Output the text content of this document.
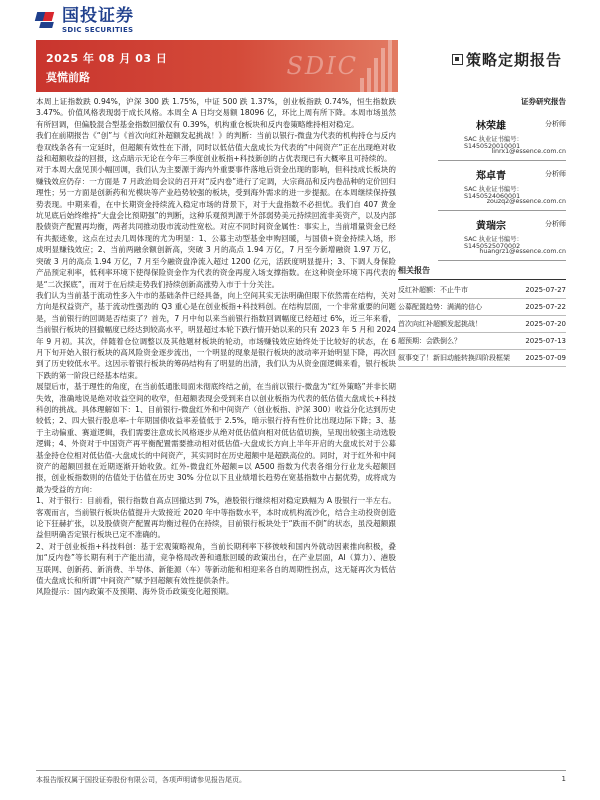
国投证券
SDIC SECURITIES
2025 年 08 月 03 日
莫慌前路	SDIC	策略定期报告

本周上证指数跌 0.94%，沪深 300 跌 1.75%，中证 500 跌 1.37%，创业板指跌 0.74%，恒生指数跌 3.47%。价值风格表现弱于成长风格。本周全 A 日均交易额 18096 亿，环比上周有所下降。本周市场虽然有所回调，但偏股混合型基金指数回撤仅有 0.39%，机构重仓板块和反内卷策略维持相对稳定。

我们在前期报告《“创”与《首次向红补超额发起挑战！》的判断：当前以银行-微盘为代表的机构持仓与反内卷双线条各有一定延时，但超额有效性在下滑，同时以低估值大盘成长为代表的“中间资产”正在出现绝对收益和超额收益的回报，这点暗示无论在今年三季度创业板指+科技新创的占优表现已有大概率且可持续的。

对于本周大盘见顶小幅回调，我们认为主要源于海内外重要事件落地后资金出现的影响，但科技成长板块的赚钱效应仍存：一方面是 7 月政治局会议的召开对“反内卷”进行了定调，大宗商品和反内卷品种的定价回归理性；另一方面是创新药和光模块等产业趋势较强的板块，受到海外需求的进一步提振。在本周继续保持强势表现。中期来看，在中长期资金持续流入稳定市场的背景下，对于大盘指数不必担忧。我们自 407 黄金坑见底后始终维持“大盘会比预期强”的判断，这种乐观预判源于外部弱势美元持续回流非美资产，以及内部股债资产配置再均衡，两者共同推动股市流动性宽松。对应不同时间资金属性：事实上，当前增量资金已经有共振迹象，这点在过去几周体现的尤为明显：1、公募主动型基金申购回暖，与国债+资金持续入场，形成明显赚钱效应；2、当前两融余额创新高，突破 3 月的高点 1.94 万亿，7 月至今新增融资 1.97 万亿，突破 3 月的高点 1.94 万亿，7 月至今融资盘净流入超过 1200 亿元，活跃度明显提升；3、下调人身保险产品预定利率，低利率环境下使得保险资金作为代表的资金再度入场支撑指数。在这种资金环境下再代表的是“二次探底”，而对于在后续走势我们持续创新高涨势入市于十分关注。

我们认为当前基于流动性多入牛市的基础条件已经具备，向上空间其实无法明确但眼下依然需在结构，关对方向是权益资产，基于流动性强劲的 Q3 重心是在创业板指+科技料创。在结构层面，一个非常重要的问题是，当前银行的回调是否结束了？首先，7 月中旬以来当前银行指数回调幅度已经超过 6%，近三年来看，当前银行板块的回撤幅度已经达到较高水平，明显超过本轮下跌行情开始以来的只有 2023 年 5 月和 2024 年 9 月初。其次，伴随着仓位调整以及其他题材板块的轮动，市场赚钱效应始终处于比较好的状态，在 6 月下旬开始入银行板块的高风险资金逐步流出，一个明显的现象是银行板块的波动率开始明显下降，再次回到了历史较低水平。这因示着银行板块的筹码结构有了明显的出清，我们认为从资金面逻辑来看，银行板块下跌的第一阶段已经基本结束。

展望后市，基于理性的角度，在当前低通胀局面未彻底终结之前，在当前以银行-微盘为“红外策略”并非长期失效，准确地说是绝对收益空间的收窄，但超额表现会受到来自以创业板指为代表的低估值大盘成长+科技科创的挑战。具体理解如下：1、目前银行-微盘红外和中间资产（创业板指、沪深 300）收益分化达到历史较低；2、四大银行股息率-十年期国债收益率差值低于 2.5%，暗示银行持有性价比出现边际下降；3、基于主动偏重、赛道逻辑，我们需要注意成长风格逐步从绝对低估值向相对低估值切换，呈现出较强主动选股逻辑；4、外资对于中国资产再平衡配置需要推动相对低估值-大盘成长方向上半年开启的大盘成长对于公募基金持仓位相对低估值-大盘成长的中间资产，其实同时在历史超额中是超跌高位的。同时，对于红外和中间资产的超额回报在近期逐渐开始收敛。红外-微盘红外超额=以 A500 指数为代表各细分行业龙头超额回报，创业板指数则的估值处于估值在历史 30% 分位以下且业绩增长趋势在宽基指数中占据优势，成将成为最为受益的方向：

1、对于银行：目前看，银行指数自高点回撤达到 7%，港股银行继续相对稳定跌幅为 A 股银行一半左右。客观而言，当前银行板块估值提升大致接近 2020 年中等指数水平，本时成机构流沙化，结合主动投资创造论下狂赫扩张，以及股债资产配置再均衡过程仍在持续，目前银行板块处于“跌而不倒”的状态，虽没超额跟益但明确否定银行板块已定不准确的。

2、对于创业板指+科技料创：基于宏观策略视角，当前长期利率下移彼岐和国内外就动因素推向积极，叠加“反内卷”等长期有利于产能出清，竞争格局改善和通胀回暖的政策出台，在产业层面，AI（算力）、港股互联网、创新药、新消费、半导体、新能源（车）等新动能和相迎来各自的周期性拐点，这无疑再次为低估值大盘成长和所谓“中间资产”赋予回超额有效性提供条件。

风险提示：国内政策不及预期、海外货币政策变化超预期。

证券研究报告
林荣雄	分析师
SAC 执业证书编号：S1450520010001
linrx1@essence.com.cn
郑卓青	分析师
SAC 执业证书编号：S1450524060001
zouzq2@essence.com.cn
黄瑞宗	分析师
SAC 执业证书编号：S1450525070002
huangrz1@essence.com.cn
相关报告
反红补超额：不止牛市	2025-07-27
公募配置趋势：满满的信心	2025-07-22
首次向红补超额发起挑战！	2025-07-20
超预期：会跌倒么？	2025-07-13
叙事变了！新旧动能转换四阶段框架 2025-07-09
本报告版权属于国投证券股份有限公司，各项声明请参见报告尾页。	1
